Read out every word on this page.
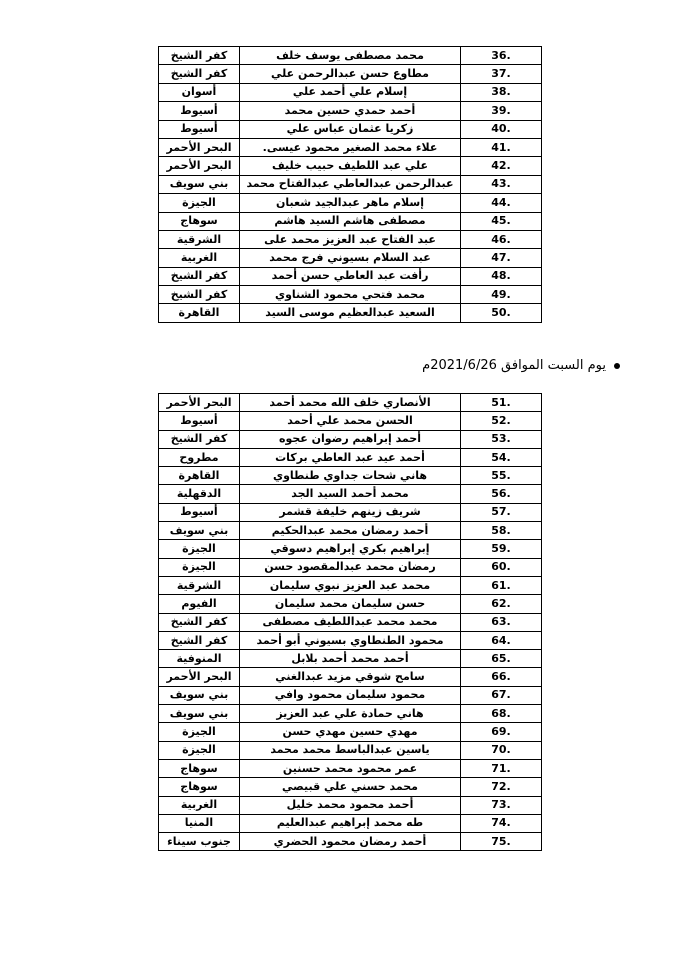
كفر الشيخ	محمد مصطفى يوسف خلف	36.
كفر الشيخ	مطاوع حسن عبدالرحمن علي	37.
أسوان	إسلام علي أحمد علي	38.
أسيوط	أحمد حمدي حسين محمد	39.
أسيوط	زكريا عثمان عباس علي	40.
البحر الأحمر	علاء محمد الصغير محمود عيسى.	41.
البحر الأحمر	علي عبد اللطيف حبيب خليف	42.
بني سويف	عبدالرحمن عبدالعاطي عبدالفتاح محمد	43.
الجيزة	إسلام ماهر عبدالجيد شعبان	44.
سوهاج	مصطفى هاشم السيد هاشم	45.
الشرقية	عبد الفتاح عبد العزيز محمد على	46.
الغربية	عبد السلام بسيوني فرج محمد	47.
كفر الشيخ	رأفت عبد العاطي حسن أحمد	48.
كفر الشيخ	محمد فتحي محمود الشناوي	49.
القاهرة	السعيد عبدالعظيم موسى السيد	50.
يوم السبت الموافق 2021/6/26م
البحر الأحمر	الأنصاري خلف الله محمد أحمد	51.
أسيوط	الحسن محمد علي أحمد	52.
كفر الشيخ	أحمد إبراهيم رضوان عجوه	53.
مطروح	أحمد عيد عبد العاطي بركات	54.
القاهرة	هاني شحات جداوي طنطاوي	55.
الدقهلية	محمد أحمد السيد الجد	56.
أسيوط	شريف زينهم خليفة قشمر	57.
بني سويف	أحمد رمضان محمد عبدالحكيم	58.
الجيزة	إبراهيم بكري إبراهيم دسوقي	59.
الجيزة	رمضان محمد عبدالمقصود حسن	60.
الشرقية	محمد عبد العزيز نبوي سليمان	61.
الفيوم	حسن سليمان محمد سليمان	62.
كفر الشيخ	محمد محمد عبداللطيف مصطفى	63.
كفر الشيخ	محمود الطنطاوي بسيوني أبو أحمد	64.
المنوفية	أحمد محمد أحمد بلابل	65.
البحر الأحمر	سامح شوقي مزيد عبدالغني	66.
بني سويف	محمود سليمان محمود وافي	67.
بني سويف	هاني حمادة علي عبد العزيز	68.
الجيزة	مهدي حسين مهدي حسن	69.
الجيزة	ياسين عبدالباسط محمد محمد	70.
سوهاج	عمر محمود محمد حسنين	71.
سوهاج	محمد حسني علي قبيصي	72.
الغربية	أحمد محمود محمد خليل	73.
المنيا	طه محمد إبراهيم عبدالعليم	74.
جنوب سيناء	أحمد رمضان محمود الحضري	75.
